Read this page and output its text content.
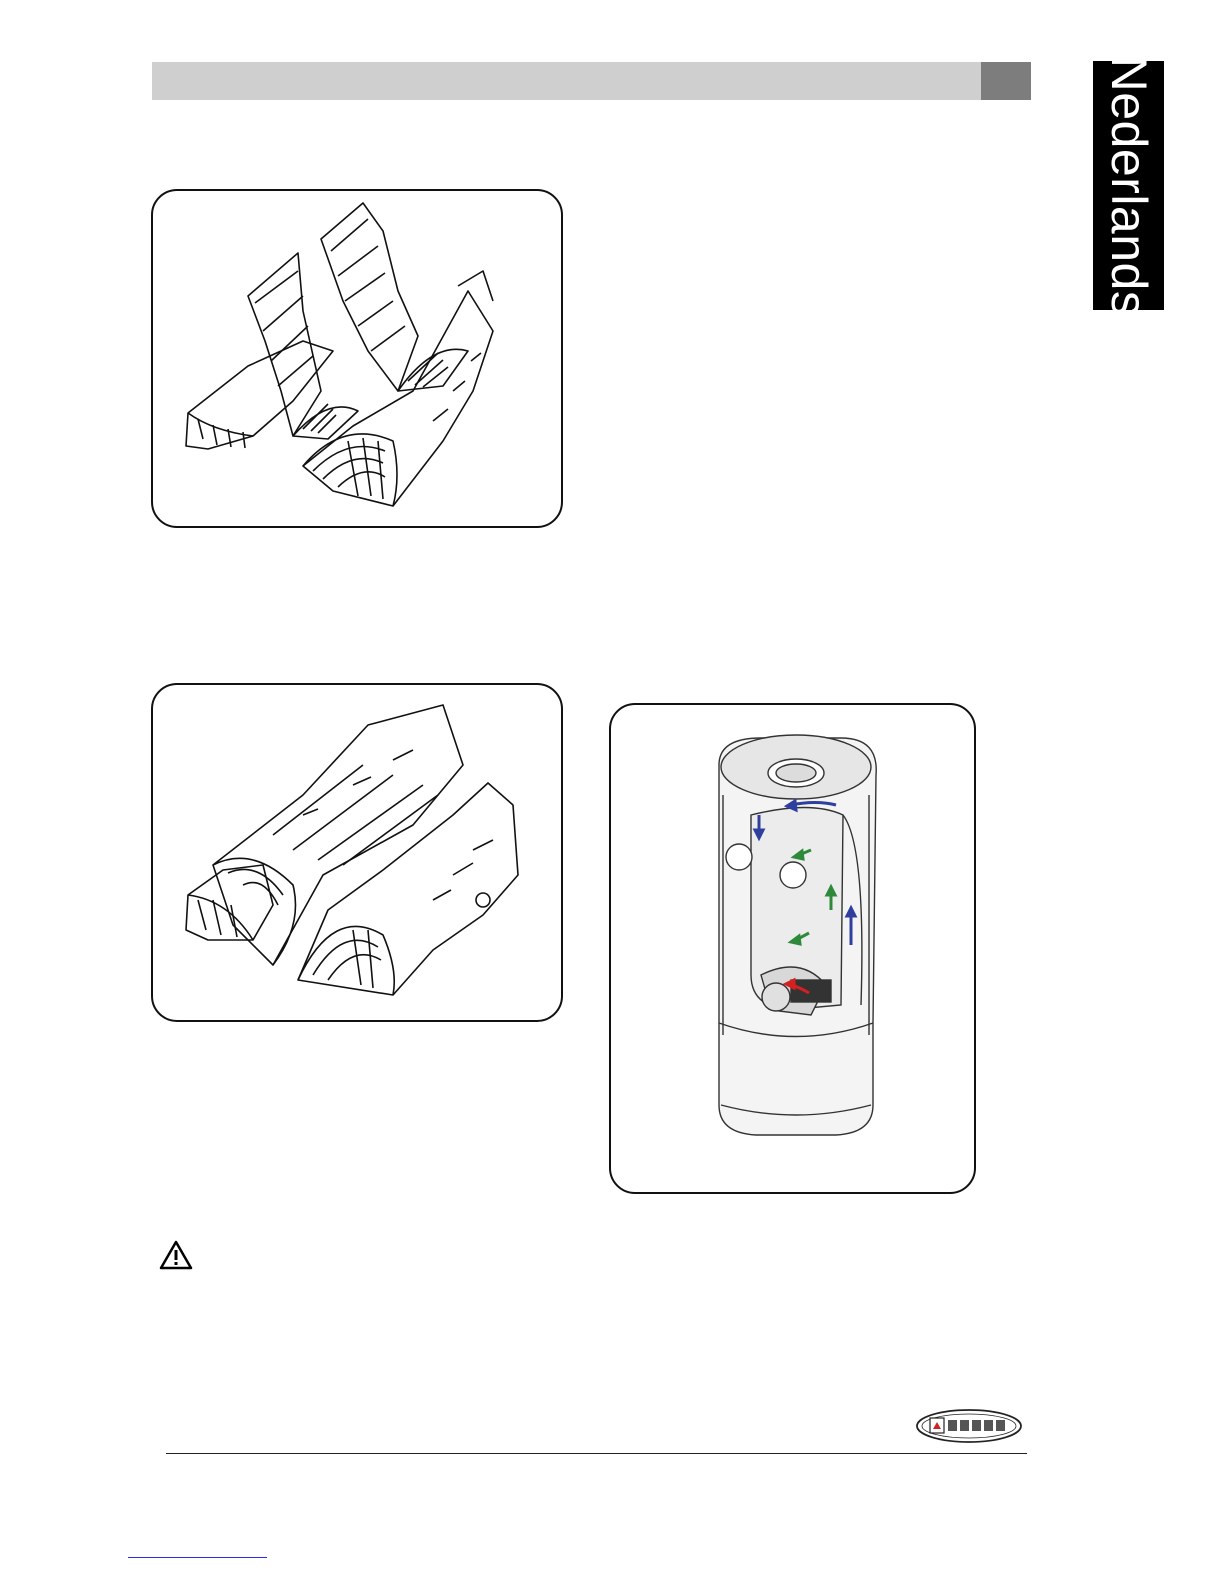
Nederlands
